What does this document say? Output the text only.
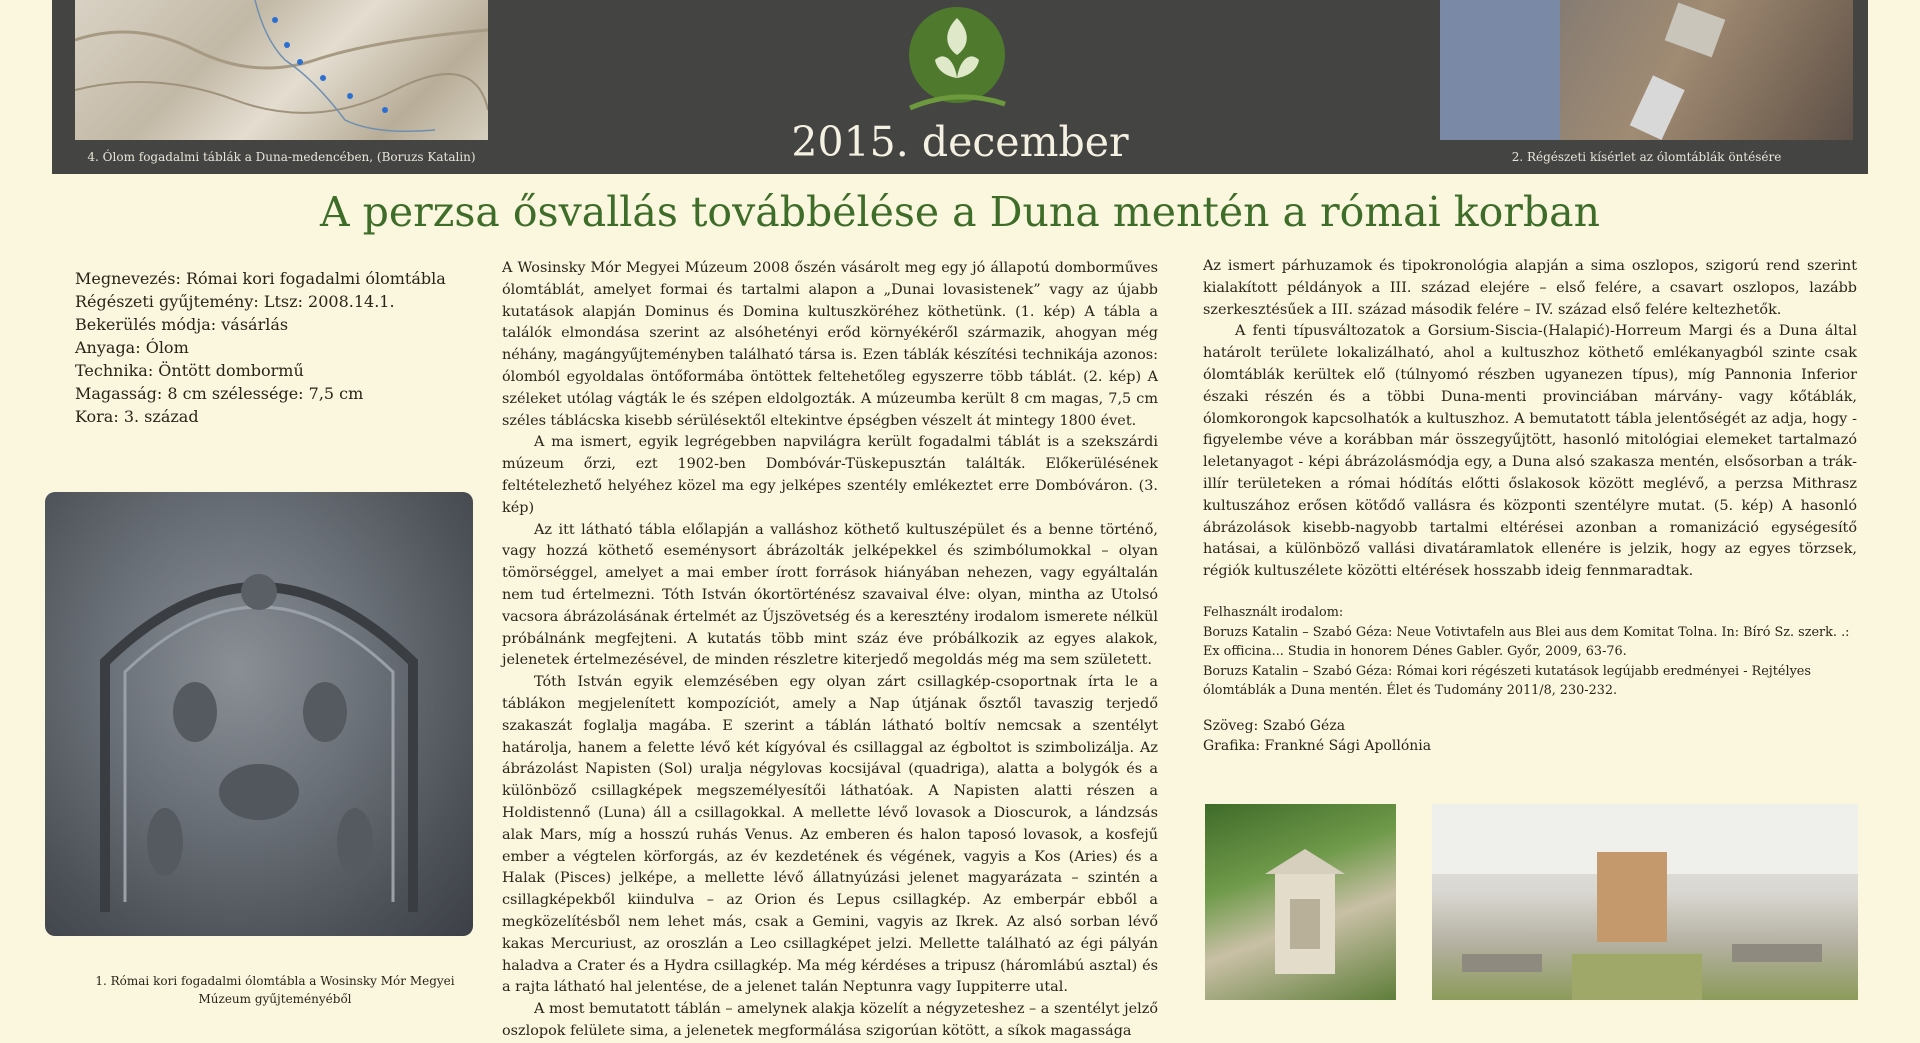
4. Ólom fogadalmi táblák a Duna-medencében, (Boruzs Katalin)	2015. december	2. Régészeti kísérlet az ólomtáblák öntésére
A perzsa ősvallás továbbélése a Duna mentén a római korban
Megnevezés: Római kori fogadalmi ólomtábla
Régészeti gyűjtemény: Ltsz: 2008.14.1.
Bekerülés módja: vásárlás
Anyaga: Ólom
Technika: Öntött dombormű
Magasság: 8 cm szélessége: 7,5 cm
Kora: 3. század
1. Római kori fogadalmi ólomtábla a Wosinsky Mór Megyei Múzeum gyűjteményéből

A Wosinsky Mór Megyei Múzeum 2008 őszén vásárolt meg egy jó állapotú domborműves ólomtáblát, amelyet formai és tartalmi alapon a „Dunai lovasistenek” vagy az újabb kutatások alapján Dominus és Domina kultuszköréhez köthetünk. (1. kép) A tábla a találók elmondása szerint az alsóhetényi erőd környékéről származik, ahogyan még néhány, magángyűjteményben található társa is. Ezen táblák készítési technikája azonos: ólomból egyoldalas öntőformába öntöttek feltehetőleg egyszerre több táblát. (2. kép) A széleket utólag vágták le és szépen eldolgozták. A múzeumba került 8 cm magas, 7,5 cm széles táblácska kisebb sérülésektől eltekintve épségben vészelt át mintegy 1800 évet.

A ma ismert, egyik legrégebben napvilágra került fogadalmi táblát is a szekszárdi múzeum őrzi, ezt 1902-ben Dombóvár-Tüskepusztán találták. Előkerülésének feltételezhető helyéhez közel ma egy jelképes szentély emlékeztet erre Dombóváron. (3. kép)

Az itt látható tábla előlapján a valláshoz köthető kultuszépület és a benne történő, vagy hozzá köthető eseménysort ábrázolták jelképekkel és szimbólumokkal – olyan tömörséggel, amelyet a mai ember írott források hiányában nehezen, vagy egyáltalán nem tud értelmezni. Tóth István ókortörténész szavaival élve: olyan, mintha az Utolsó vacsora ábrázolásának értelmét az Újszövetség és a keresztény irodalom ismerete nélkül próbálnánk megfejteni. A kutatás több mint száz éve próbálkozik az egyes alakok, jelenetek értelmezésével, de minden részletre kiterjedő megoldás még ma sem született.

Tóth István egyik elemzésében egy olyan zárt csillagkép-csoportnak írta le a táblákon megjelenített kompozíciót, amely a Nap útjának ősztől tavaszig terjedő szakaszát foglalja magába. E szerint a táblán látható boltív nemcsak a szentélyt határolja, hanem a felette lévő két kígyóval és csillaggal az égboltot is szimbolizálja. Az ábrázolást Napisten (Sol) uralja négylovas kocsijával (quadriga), alatta a bolygók és a különböző csillagképek megszemélyesítői láthatóak. A Napisten alatti részen a Holdistennő (Luna) áll a csillagokkal. A mellette lévő lovasok a Dioscurok, a lándzsás alak Mars, míg a hosszú ruhás Venus. Az emberen és halon taposó lovasok, a kosfejű ember a végtelen körforgás, az év kezdetének és végének, vagyis a Kos (Aries) és a Halak (Pisces) jelképe, a mellette lévő állatnyúzási jelenet magyarázata – szintén a csillagképekből kiindulva – az Orion és Lepus csillagkép. Az emberpár ebből a megközelítésből nem lehet más, csak a Gemini, vagyis az Ikrek. Az alsó sorban lévő kakas Mercuriust, az oroszlán a Leo csillagképet jelzi. Mellette található az égi pályán haladva a Crater és a Hydra csillagkép. Ma még kérdéses a tripusz (háromlábú asztal) és a rajta látható hal jelentése, de a jelenet talán Neptunra vagy Iuppiterre utal.

A most bemutatott táblán – amelynek alakja közelít a négyzeteshez – a szentélyt jelző oszlopok felülete sima, a jelenetek megformálása szigorúan kötött, a síkok magassága

Az ismert párhuzamok és tipokronológia alapján a sima oszlopos, szigorú rend szerint kialakított példányok a III. század elejére – első felére, a csavart oszlopos, lazább szerkesztésűek a III. század második felére – IV. század első felére keltezhetők.

A fenti típusváltozatok a Gorsium-Siscia-(Halapić)-Horreum Margi és a Duna által határolt területe lokalizálható, ahol a kultuszhoz köthető emlékanyagból szinte csak ólomtáblák kerültek elő (túlnyomó részben ugyanezen típus), míg Pannonia Inferior északi részén és a többi Duna-menti provinciában márvány- vagy kőtáblák, ólomkorongok kapcsolhatók a kultuszhoz. A bemutatott tábla jelentőségét az adja, hogy - figyelembe véve a korábban már összegyűjtött, hasonló mitológiai elemeket tartalmazó leletanyagot - képi ábrázolásmódja egy, a Duna alsó szakasza mentén, elsősorban a trák-illír területeken a római hódítás előtti őslakosok között meglévő, a perzsa Mithrasz kultuszához erősen kötődő vallásra és központi szentélyre mutat. (5. kép) A hasonló ábrázolások kisebb-nagyobb tartalmi eltérései azonban a romanizáció egységesítő hatásai, a különböző vallási divatáramlatok ellenére is jelzik, hogy az egyes törzsek, régiók kultuszélete közötti eltérések hosszabb ideig fennmaradtak.

Felhasznált irodalom:
Boruzs Katalin – Szabó Géza: Neue Votivtafeln aus Blei aus dem Komitat Tolna. In: Bíró Sz. szerk. .: Ex officina... Studia in honorem Dénes Gabler. Győr, 2009, 63-76.
Boruzs Katalin – Szabó Géza: Római kori régészeti kutatások legújabb eredményei - Rejtélyes ólomtáblák a Duna mentén. Élet és Tudomány 2011/8, 230-232.
Szöveg: Szabó Géza
Grafika: Frankné Sági Apollónia
